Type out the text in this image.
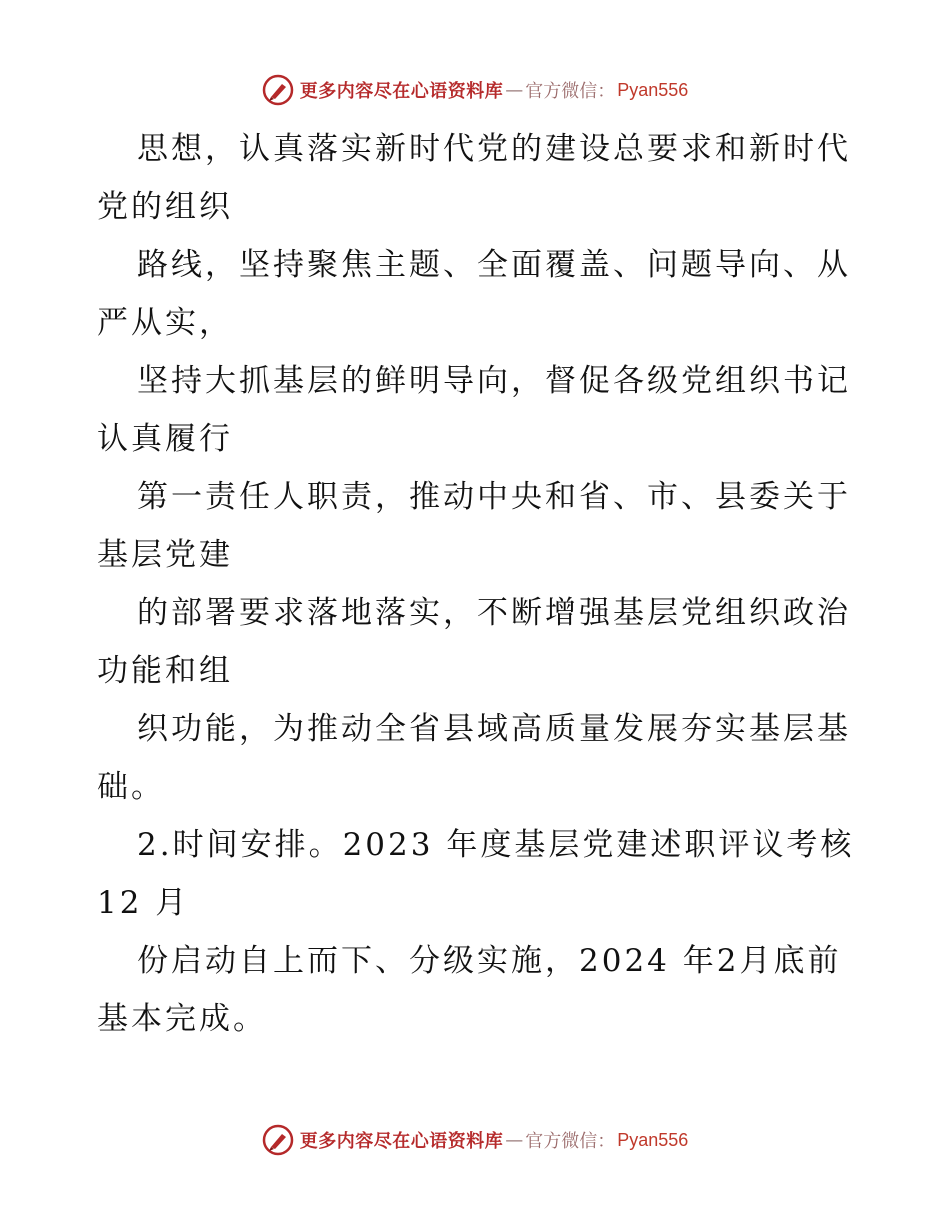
更多内容尽在心语资料库 — 官方微信： Pyan556

思想，认真落实新时代党的建设总要求和新时代党的组织

路线，坚持聚焦主题、全面覆盖、问题导向、从严从实，

坚持大抓基层的鲜明导向，督促各级党组织书记认真履行

第一责任人职责，推动中央和省、市、县委关于基层党建

的部署要求落地落实，不断增强基层党组织政治功能和组

织功能，为推动全省县域高质量发展夯实基层基础。

2.时间安排。2023 年度基层党建述职评议考核 12 月

份启动自上而下、分级实施，2024 年2月底前基本完成。

更多内容尽在心语资料库 — 官方微信： Pyan556
